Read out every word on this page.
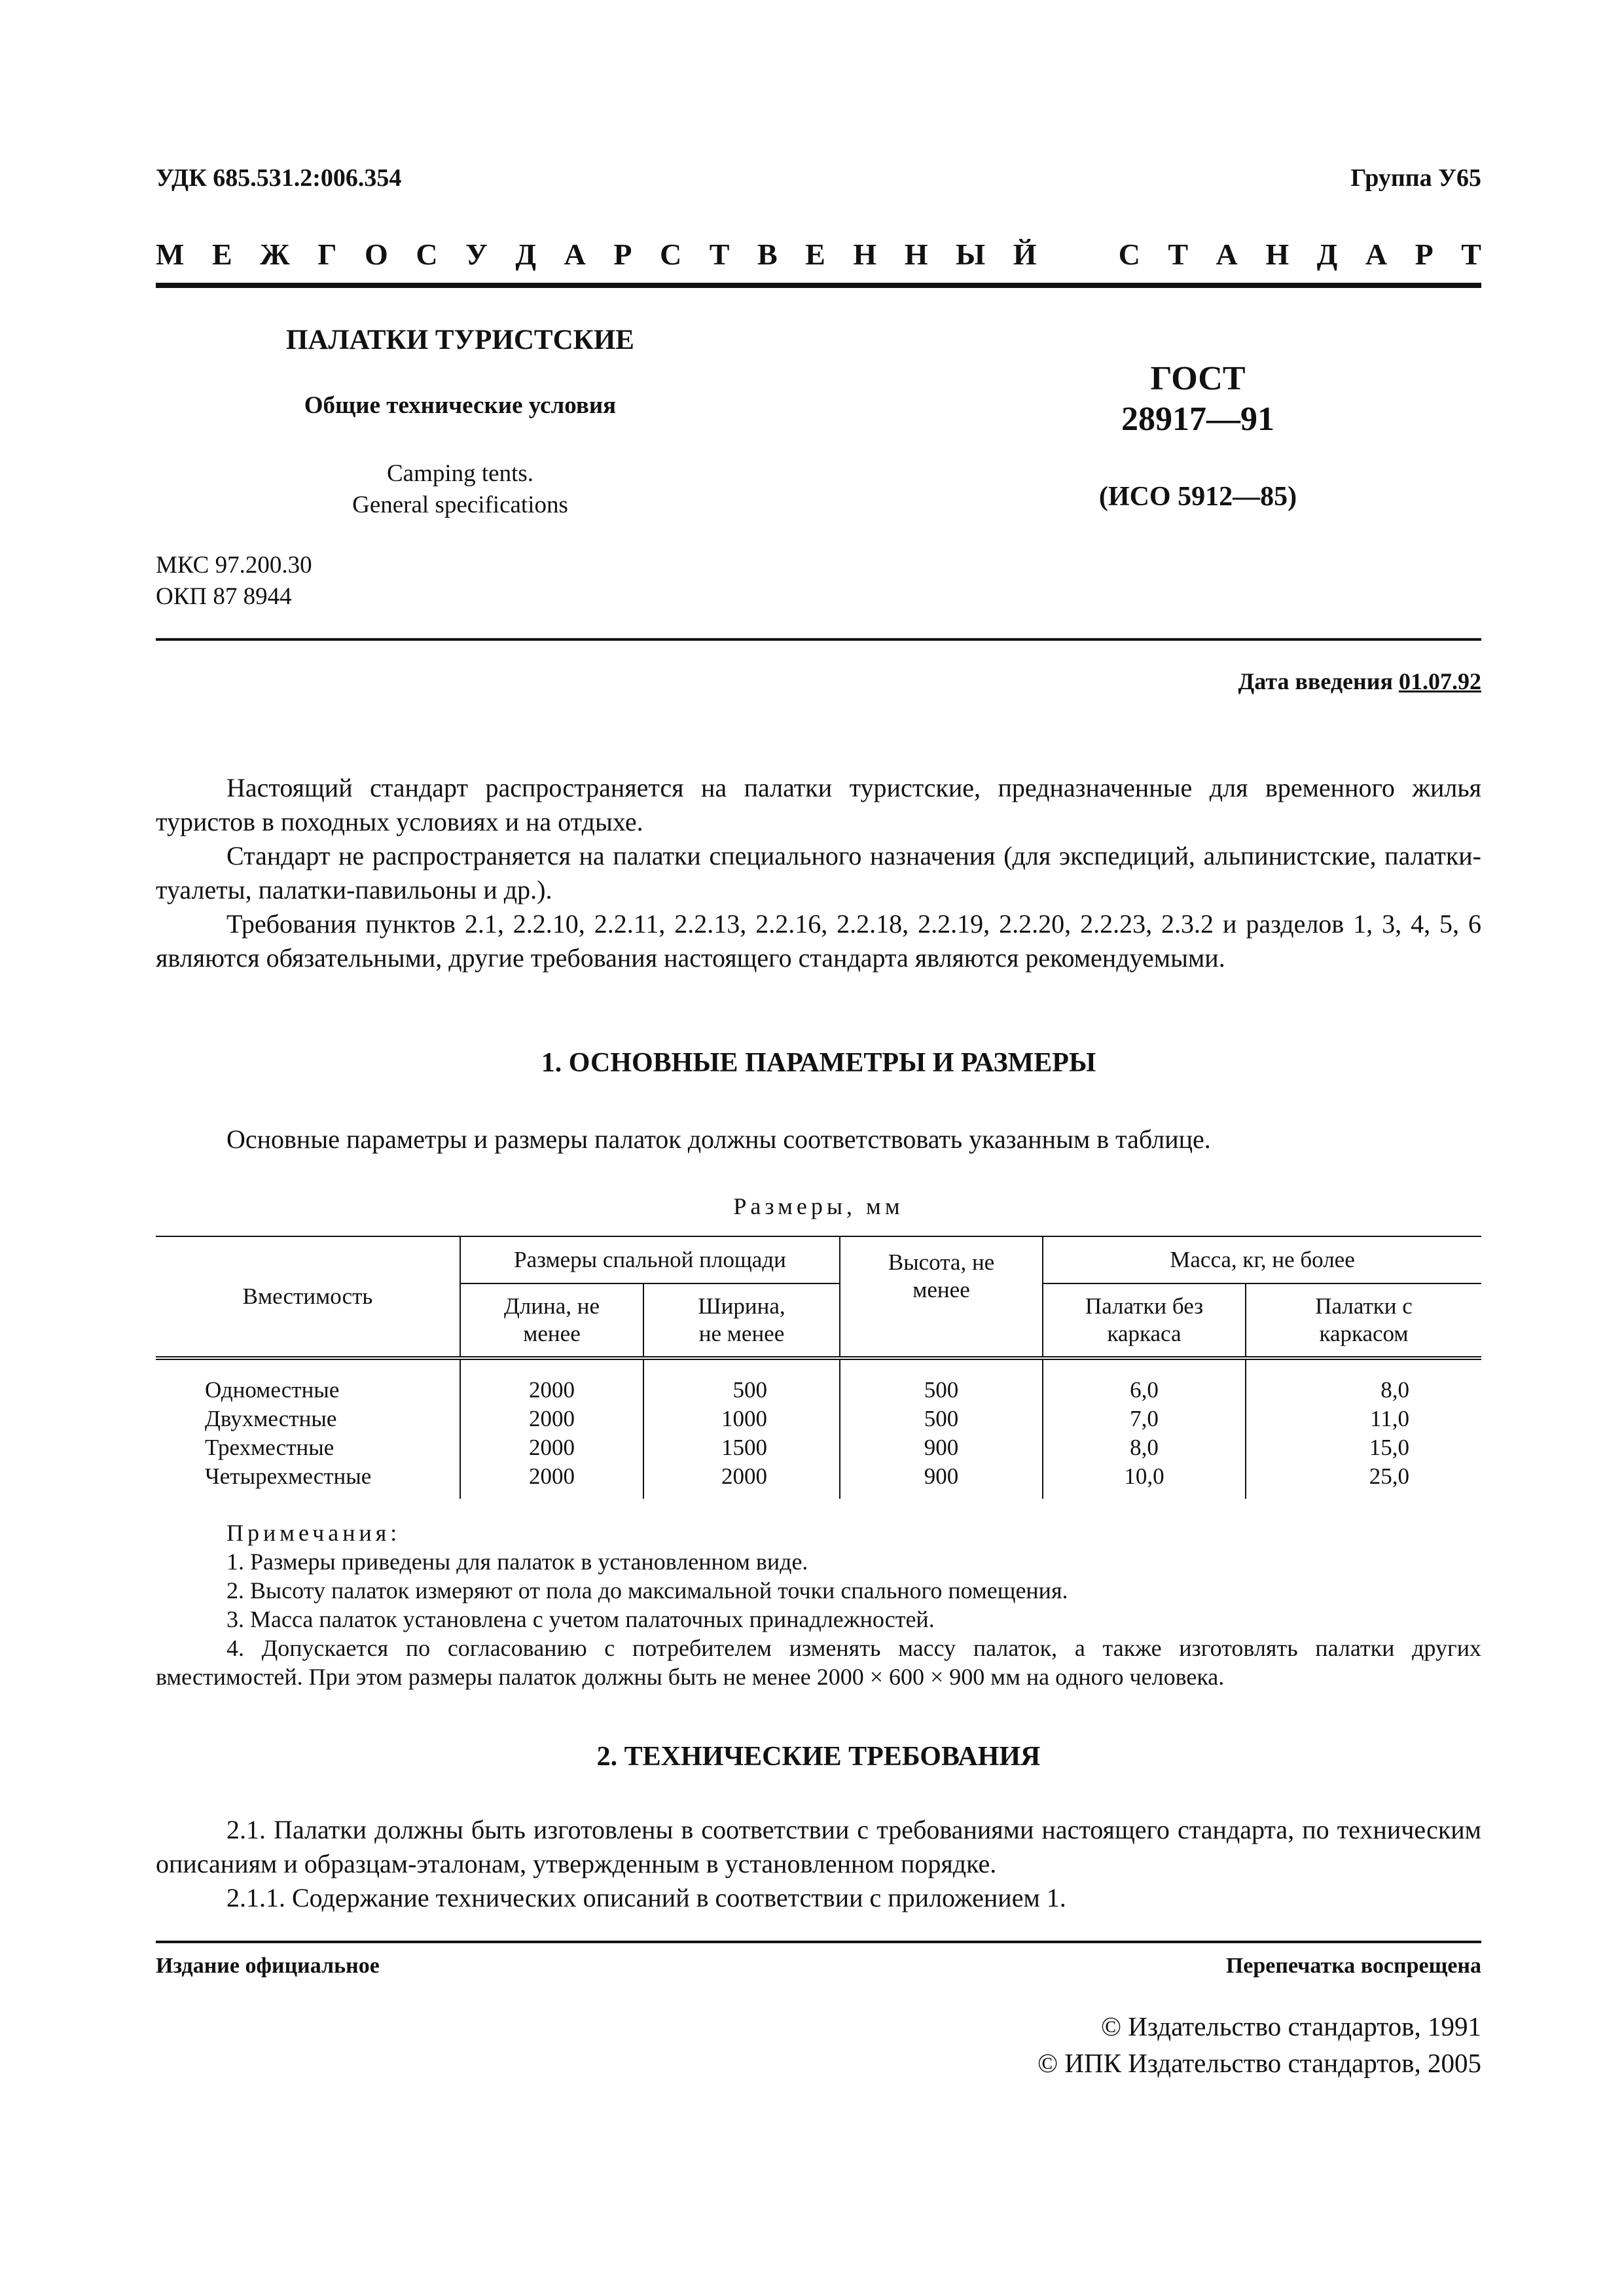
УДК 685.531.2:006.354	Группа У65
М Е Ж Г О С У Д А Р С Т В Е Н Н Ы Й	С Т А Н Д А Р Т
ПАЛАТКИ ТУРИСТСКИЕ
Общие технические условия
Camping tents.
General specifications
ГОСТ
28917—91
(ИСО 5912—85)
МКС 97.200.30
ОКП 87 8944
Дата введения 01.07.92
Настоящий стандарт распространяется на палатки туристские, предназначенные для временного жилья туристов в походных условиях и на отдыхе.
Стандарт не распространяется на палатки специального назначения (для экспедиций, альпинистские, палатки-туалеты, палатки-павильоны и др.).
Требования пунктов 2.1, 2.2.10, 2.2.11, 2.2.13, 2.2.16, 2.2.18, 2.2.19, 2.2.20, 2.2.23, 2.3.2 и разделов 1, 3, 4, 5, 6 являются обязательными, другие требования настоящего стандарта являются рекомендуемыми.
1. ОСНОВНЫЕ ПАРАМЕТРЫ И РАЗМЕРЫ
Основные параметры и размеры палаток должны соответствовать указанным в таблице.
Размеры, мм
Вместимость	Размеры спальной площади		Высота, не менее	Масса, кг, не более	

	Длина, не менее	Ширина, не менее		Палатки без каркаса	Палатки с каркасом

Одноместные	2000	500	500	6,0	8,0
Двухместные	2000	1000	500	7,0	11,0
Трехместные	2000	1500	900	8,0	15,0
Четырехместные	2000	2000	900	10,0	25,0
Примечания:

1. Размеры приведены для палаток в установленном виде.

2. Высоту палаток измеряют от пола до максимальной точки спального помещения.

3. Масса палаток установлена с учетом палаточных принадлежностей.

4. Допускается по согласованию с потребителем изменять массу палаток, а также изготовлять палатки других вместимостей. При этом размеры палаток должны быть не менее 2000 × 600 × 900 мм на одного человека.

2. ТЕХНИЧЕСКИЕ ТРЕБОВАНИЯ
2.1. Палатки должны быть изготовлены в соответствии с требованиями настоящего стандарта, по техническим описаниям и образцам-эталонам, утвержденным в установленном порядке.
2.1.1. Содержание технических описаний в соответствии с приложением 1.
Издание официальное	Перепечатка воспрещена
© Издательство стандартов, 1991
© ИПК Издательство стандартов, 2005
